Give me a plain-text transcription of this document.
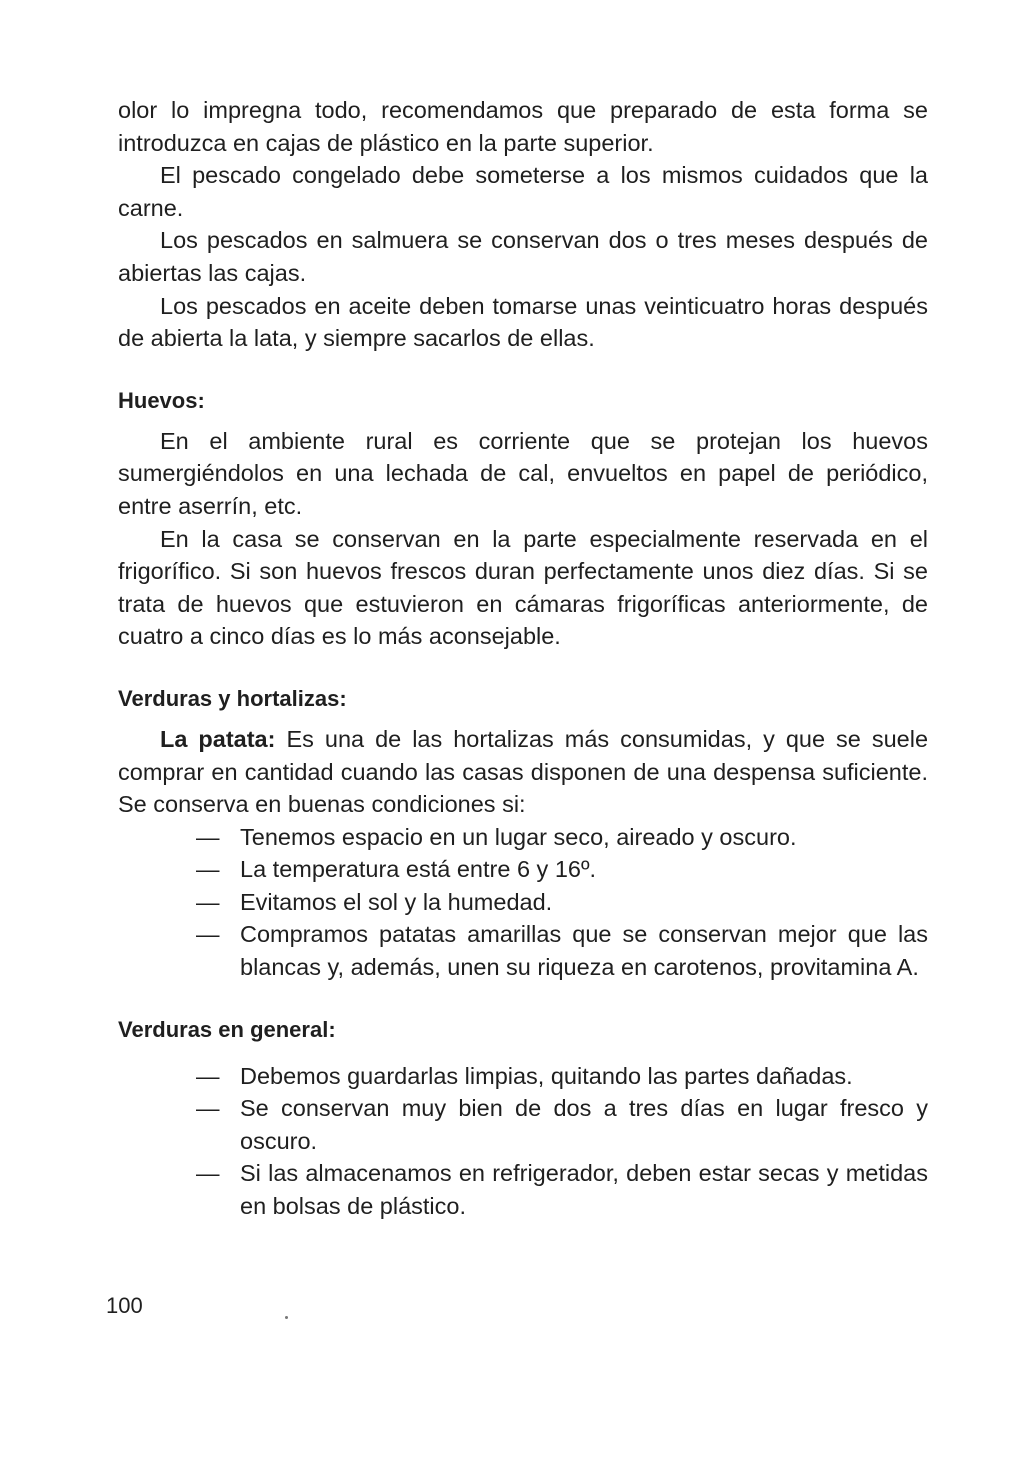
olor lo impregna todo, recomendamos que preparado de esta forma se introduzca en cajas de plástico en la parte superior.

El pescado congelado debe someterse a los mismos cuidados que la carne.

Los pescados en salmuera se conservan dos o tres meses después de abiertas las cajas.

Los pescados en aceite deben tomarse unas veinticuatro horas después de abierta la lata, y siempre sacarlos de ellas.

Huevos:

En el ambiente rural es corriente que se protejan los huevos sumergiéndolos en una lechada de cal, envueltos en papel de periódico, entre aserrín, etc.

En la casa se conservan en la parte especialmente reservada en el frigorífico. Si son huevos frescos duran perfectamente unos diez días. Si se trata de huevos que estuvieron en cámaras frigoríficas anteriormente, de cuatro a cinco días es lo más aconsejable.

Verduras y hortalizas:

La patata: Es una de las hortalizas más consumidas, y que se suele comprar en cantidad cuando las casas disponen de una despensa suficiente. Se conserva en buenas condiciones si:

— Tenemos espacio en un lugar seco, aireado y oscuro.
— La temperatura está entre 6 y 16º.
— Evitamos el sol y la humedad.
— Compramos patatas amarillas que se conservan mejor que las blancas y, además, unen su riqueza en carotenos, provitamina A.
Verduras en general:
— Debemos guardarlas limpias, quitando las partes dañadas.
— Se conservan muy bien de dos a tres días en lugar fresco y oscuro.
— Si las almacenamos en refrigerador, deben estar secas y metidas en bolsas de plástico.
100
